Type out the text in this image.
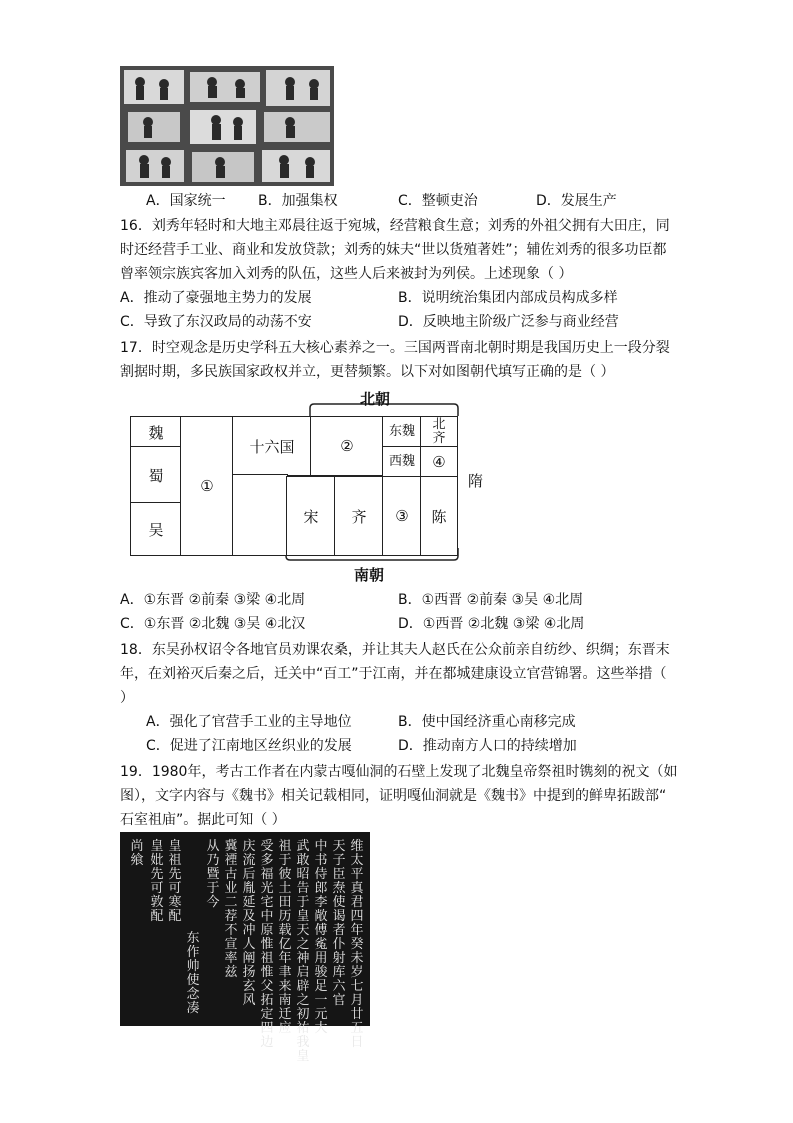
A．国家统一 B．加强集权	C．整顿吏治	D．发展生产
16．刘秀年轻时和大地主邓晨往返于宛城，经营粮食生意；刘秀的外祖父拥有大田庄，同
时还经营手工业、商业和发放贷款；刘秀的妹夫“世以货殖著姓”；辅佐刘秀的很多功臣都
曾率领宗族宾客加入刘秀的队伍，这些人后来被封为列侯。上述现象（ ）
A．推动了豪强地主势力的发展	B．说明统治集团内部成员构成多样
C．导致了东汉政局的动荡不安	D．反映地主阶级广泛参与商业经营
17．时空观念是历史学科五大核心素养之一。三国两晋南北朝时期是我国历史上一段分裂
割据时期，多民族国家政权并立，更替频繁。以下对如图朝代填写正确的是（ ）
北朝
南朝
魏
蜀
吴
①
十六国	②
东魏	北齐
西魏	④
宋	齐	③	陈
隋
A．①东晋 ②前秦 ③梁 ④北周	B．①西晋 ②前秦 ③吴 ④北周
C．①东晋 ②北魏 ③吴 ④北汉	D．①西晋 ②北魏 ③梁 ④北周
18．东吴孙权诏令各地官员劝课农桑，并让其夫人赵氏在公众前亲自纺纱、织绸；东晋末
年，在刘裕灭后秦之后，迁关中“百工”于江南，并在都城建康设立官营锦署。这些举措（
）
A．强化了官营手工业的主导地位	B．使中国经济重心南移完成
C．促进了江南地区丝织业的发展	D．推动南方人口的持续增加
19．1980年，考古工作者在内蒙古嘎仙洞的石壁上发现了北魏皇帝祭祖时镌刻的祝文（如
图），文字内容与《魏书》相关记载相同，证明嘎仙洞就是《魏书》中提到的鲜卑拓跋部“
石室祖庙”。据此可知（ ）
维太平真君四年癸未岁七月廿五日
天子臣焘使谒者仆射库六官
中书侍郎李敞傅㝹用骏足一元大
武敢昭告于皇天之神启辟之初祐我皇
祖于彼土田历载亿年聿来南迁应
受多福光宅中原惟祖惟父拓定四边
庆流后胤延及冲人阐扬玄风
冀禋古业二荐不宣率兹
从乃暨于今
东作帅使念凑
皇祖先可寒配
皇妣先可敦配
尚飨
